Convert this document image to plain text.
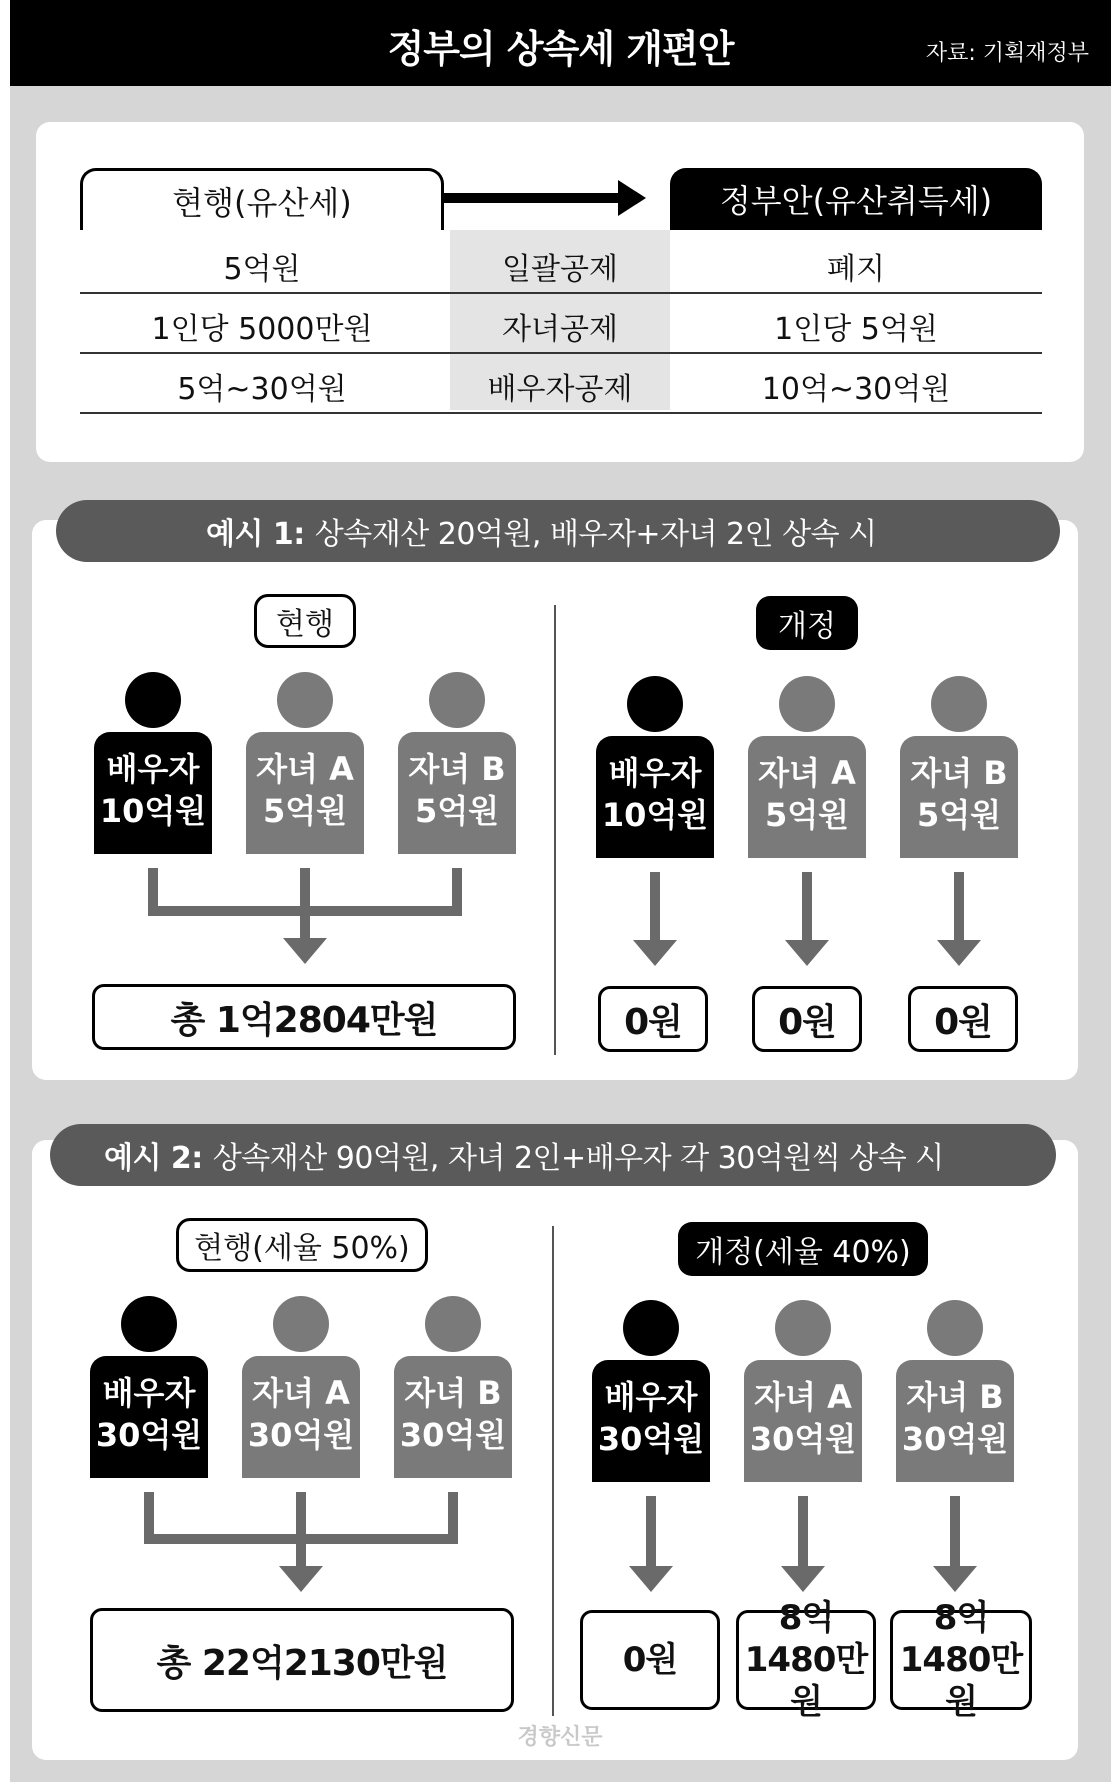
정부의 상속세 개편안	자료: 기획재정부
현행(유산세)	정부안(유산취득세)
5억원	일괄공제	폐지
1인당 5000만원	자녀공제	1인당 5억원
5억~30억원	배우자공제	10억~30억원
예시 1: 상속재산 20억원, 배우자+자녀 2인 상속 시
현행	개정
배우자
10억원
자녀 A
5억원
자녀 B
5억원
총 1억2804만원
배우자
10억원
자녀 A
5억원
자녀 B
5억원
0원	0원	0원
예시 2: 상속재산 90억원, 자녀 2인+배우자 각 30억원씩 상속 시
현행(세율 50%)	개정(세율 40%)
배우자
30억원
자녀 A
30억원
자녀 B
30억원
총 22억2130만원
배우자
30억원
자녀 A
30억원
자녀 B
30억원
0원
8억
1480만원
8억
1480만원
경향신문
